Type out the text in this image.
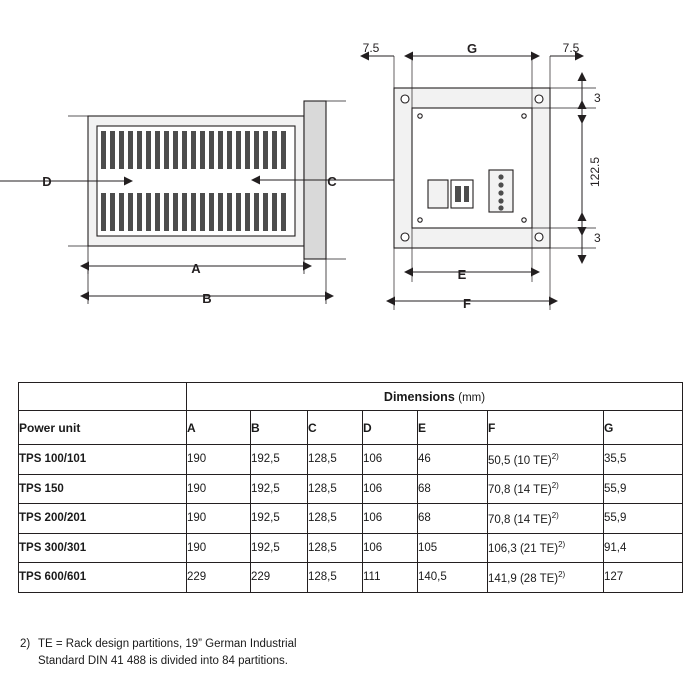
D	C
A
B
G
E
F
7.5	7.5
3
3
122.5
	Dimensions (mm)						
Power unit	A	B	C	D	E	F	G
TPS 100/101	190	192,5	128,5	106	46	50,5 (10 TE)$^{2)}$	35,5
TPS 150	190	192,5	128,5	106	68	70,8 (14 TE)$^{2)}$	55,9
TPS 200/201	190	192,5	128,5	106	68	70,8 (14 TE)$^{2)}$	55,9
TPS 300/301	190	192,5	128,5	106	105	106,3 (21 TE)$^{2)}$	91,4
TPS 600/601	229	229	128,5	111	140,5	141,9 (28 TE)$^{2)}$	127
2) TE = Rack design partitions, 19” German Industrial
Standard DIN 41 488 is divided into 84 partitions.
